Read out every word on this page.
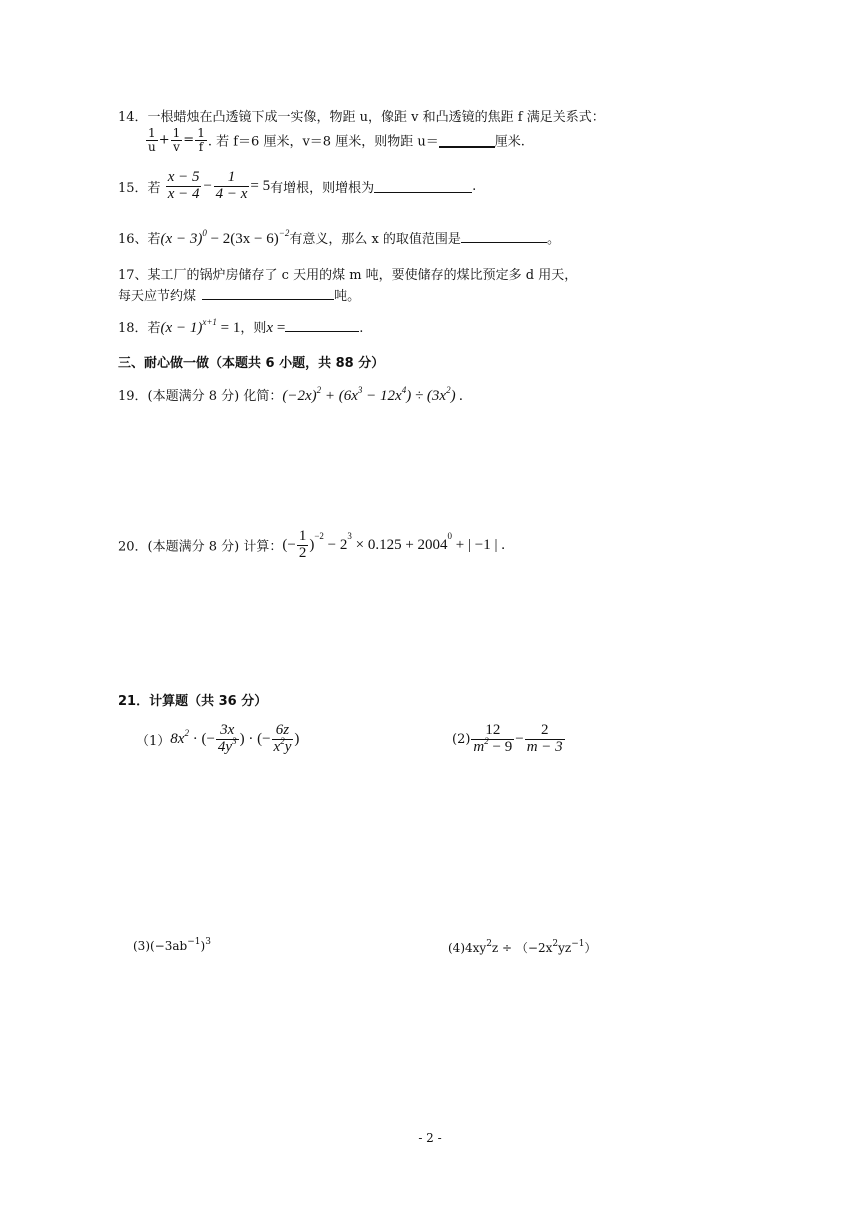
14．一根蜡烛在凸透镜下成一实像，物距 u，像距 v 和凸透镜的焦距 f 满足关系式：
$\frac{1}{u} + \frac{1}{v} = \frac{1}{f}$ . 若 f＝6 厘米，v＝8 厘米，则物距 u＝	厘米.
15．若 $\frac{x - 5}{x - 4} - \frac{1}{4 - x} = 5$有增根，则增根为	.
16、若$(x - 3)^0 - 2(3x - 6)^{-2}$有意义，那么 x 的取值范围是	。
17、某工厂的锅炉房储存了 c 天用的煤 m 吨，要使储存的煤比预定多 d 用天，
每天应节约煤	吨。
18．若$(x - 1)^{x+1} = 1$，则x =	.
三、耐心做一做（本题共 6 小题，共 88 分）
19．(本题满分 8 分) 化简：$(-2x)^2 + (6x^3 - 12x^4) \div (3x^2)$ .
20．(本题满分 8 分) 计算：(− $\frac{1}{2} )^{-2} - 2^3 \times 0.125 + 2004^0$ + | −1 | .
21．计算题（共 36 分）
$(1)8x^2$ · (− $\frac{3x}{4y^3}$ ) · (− $\frac{6z}{x^2y}$ )	$(2) \frac{12}{m^2 - 9} - \frac{2}{m - 3}$
$(3)(-3ab^{-1})^3$	$(4)4xy^2z \div (-2x^2yz^{-1})$
- 2 -
